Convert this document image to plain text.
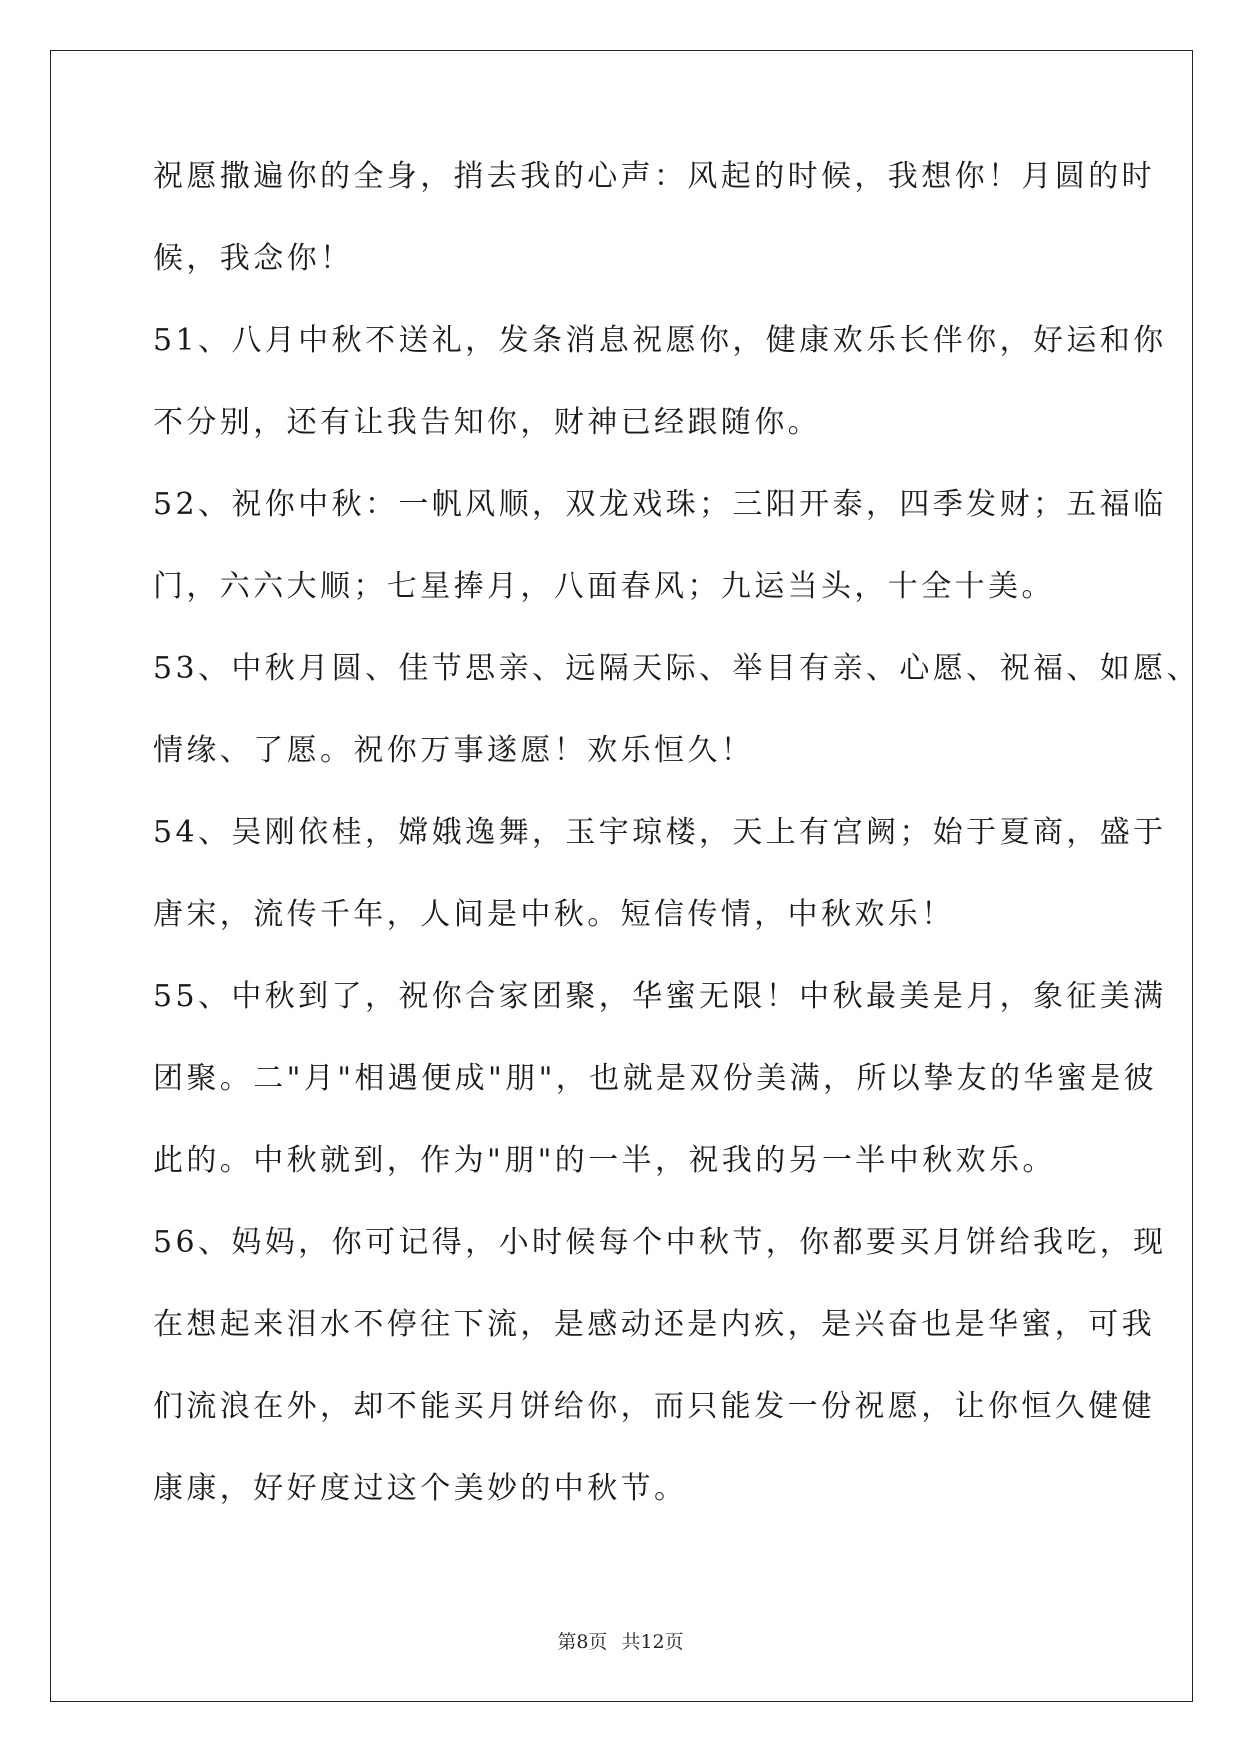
祝愿撒遍你的全身，捎去我的心声：风起的时候，我想你！月圆的时
候，我念你！
51、八月中秋不送礼，发条消息祝愿你，健康欢乐长伴你，好运和你
不分别，还有让我告知你，财神已经跟随你。
52、祝你中秋：一帆风顺，双龙戏珠；三阳开泰，四季发财；五福临
门，六六大顺；七星捧月，八面春风；九运当头，十全十美。
53、中秋月圆、佳节思亲、远隔天际、举目有亲、心愿、祝福、如愿、
情缘、了愿。祝你万事遂愿！欢乐恒久！
54、吴刚依桂，嫦娥逸舞，玉宇琼楼，天上有宫阙；始于夏商，盛于
唐宋，流传千年，人间是中秋。短信传情，中秋欢乐！
55、中秋到了，祝你合家团聚，华蜜无限！中秋最美是月，象征美满
团聚。二"月"相遇便成"朋"，也就是双份美满，所以挚友的华蜜是彼
此的。中秋就到，作为"朋"的一半，祝我的另一半中秋欢乐。
56、妈妈，你可记得，小时候每个中秋节，你都要买月饼给我吃，现
在想起来泪水不停往下流，是感动还是内疚，是兴奋也是华蜜，可我
们流浪在外，却不能买月饼给你，而只能发一份祝愿，让你恒久健健
康康，好好度过这个美妙的中秋节。
第8页 共12页
